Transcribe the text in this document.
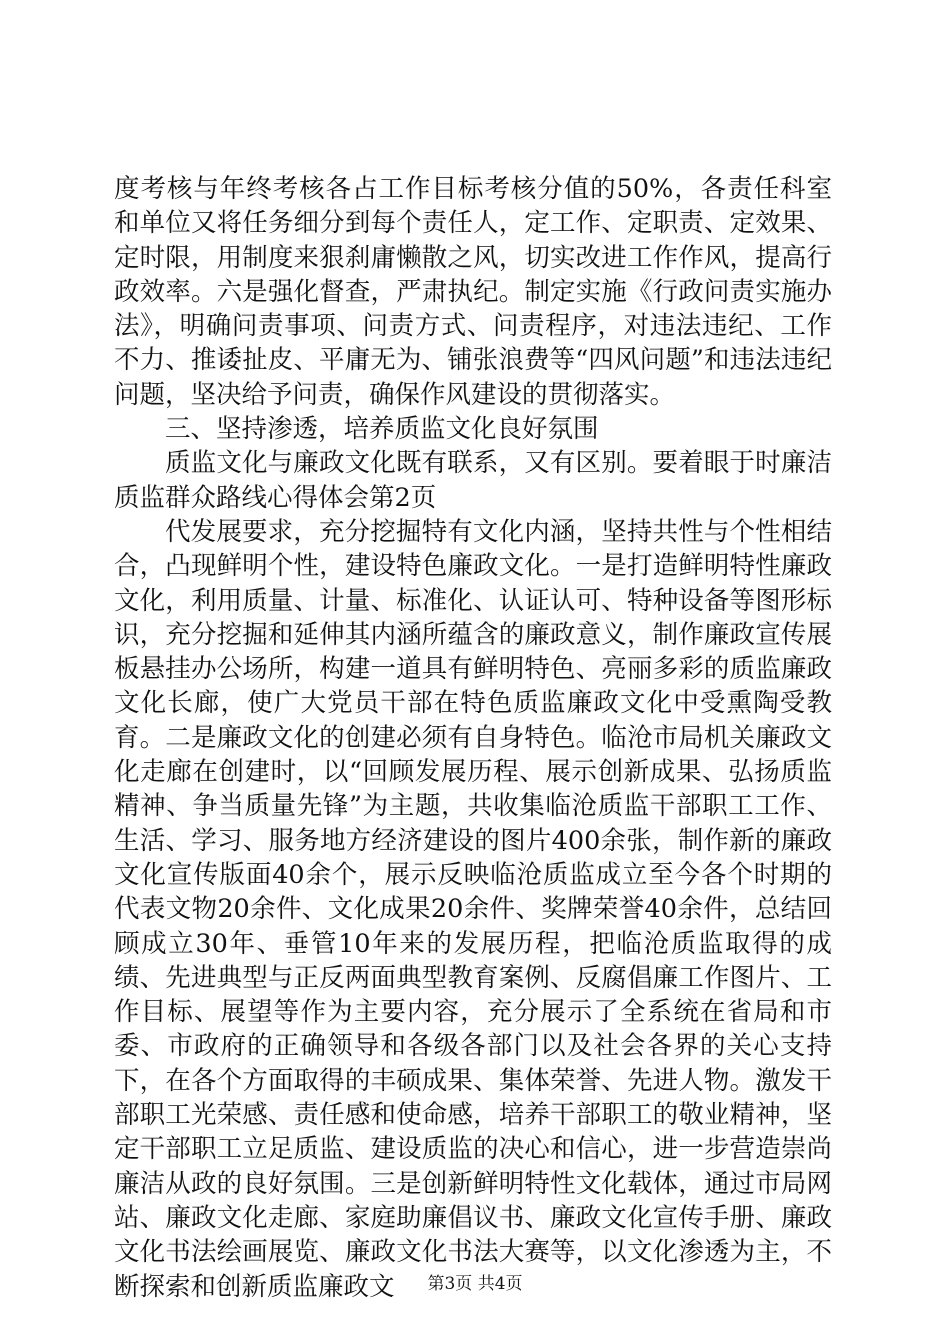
度考核与年终考核各占工作目标考核分值的50%，各责任科室和单位又将任务细分到每个责任人，定工作、定职责、定效果、定时限，用制度来狠刹庸懒散之风，切实改进工作作风，提高行政效率。六是强化督查，严肃执纪。制定实施《行政问责实施办法》，明确问责事项、问责方式、问责程序，对违法违纪、工作不力、推诿扯皮、平庸无为、铺张浪费等“四风问题”和违法违纪问题，坚决给予问责，确保作风建设的贯彻落实。

三、坚持渗透，培养质监文化良好氛围

质监文化与廉政文化既有联系，又有区别。要着眼于时廉洁质监群众路线心得体会第2页

代发展要求，充分挖掘特有文化内涵，坚持共性与个性相结合，凸现鲜明个性，建设特色廉政文化。一是打造鲜明特性廉政文化，利用质量、计量、标准化、认证认可、特种设备等图形标识，充分挖掘和延伸其内涵所蕴含的廉政意义，制作廉政宣传展板悬挂办公场所，构建一道具有鲜明特色、亮丽多彩的质监廉政文化长廊，使广大党员干部在特色质监廉政文化中受熏陶受教育。二是廉政文化的创建必须有自身特色。临沧市局机关廉政文化走廊在创建时，以“回顾发展历程、展示创新成果、弘扬质监精神、争当质量先锋”为主题，共收集临沧质监干部职工工作、生活、学习、服务地方经济建设的图片400余张，制作新的廉政文化宣传版面40余个，展示反映临沧质监成立至今各个时期的代表文物20余件、文化成果20余件、奖牌荣誉40余件，总结回顾成立30年、垂管10年来的发展历程，把临沧质监取得的成绩、先进典型与正反两面典型教育案例、反腐倡廉工作图片、工作目标、展望等作为主要内容，充分展示了全系统在省局和市委、市政府的正确领导和各级各部门以及社会各界的关心支持下，在各个方面取得的丰硕成果、集体荣誉、先进人物。激发干部职工光荣感、责任感和使命感，培养干部职工的敬业精神，坚定干部职工立足质监、建设质监的决心和信心，进一步营造崇尚廉洁从政的良好氛围。三是创新鲜明特性文化载体，通过市局网站、廉政文化走廊、家庭助廉倡议书、廉政文化宣传手册、廉政文化书法绘画展览、廉政文化书法大赛等，以文化渗透为主，不断探索和创新质监廉政文	第3页 共4页
